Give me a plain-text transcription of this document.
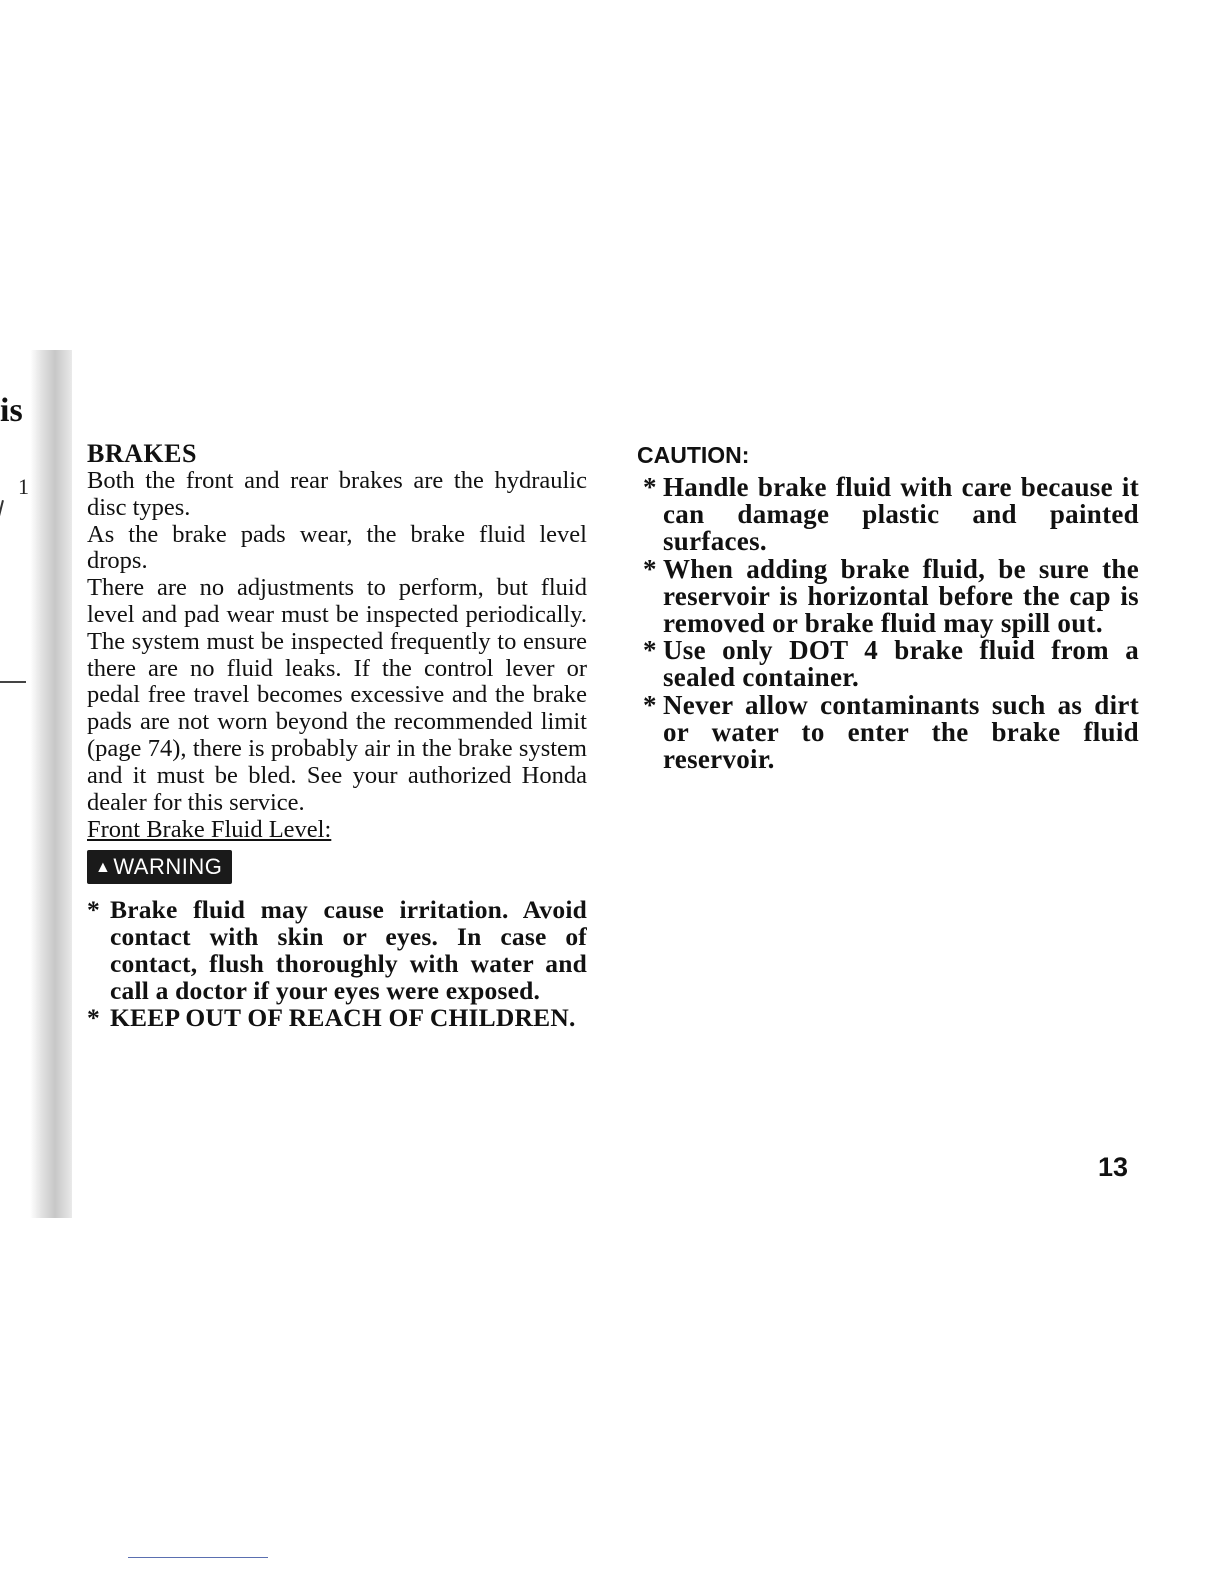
is
1
BRAKES

Both the front and rear brakes are the hydraulic disc types.

As the brake pads wear, the brake fluid level drops.

There are no adjustments to perform, but fluid level and pad wear must be inspected periodically. The system must be inspected frequently to ensure there are no fluid leaks. If the control lever or pedal free travel becomes excessive and the brake pads are not worn beyond the recommended limit (page 74), there is probably air in the brake system and it must be bled. See your authorized Honda dealer for this service.

Front Brake Fluid Level:

▲ WARNING
* Brake fluid may cause irritation. Avoid contact with skin or eyes. In case of contact, flush thoroughly with water and call a doctor if your eyes were exposed.
* KEEP OUT OF REACH OF CHILDREN.

CAUTION:

* Handle brake fluid with care because it can damage plastic and painted surfaces.
* When adding brake fluid, be sure the reservoir is horizontal before the cap is removed or brake fluid may spill out.
* Use only DOT 4 brake fluid from a sealed container.
* Never allow contaminants such as dirt or water to enter the brake fluid reservoir.
13
